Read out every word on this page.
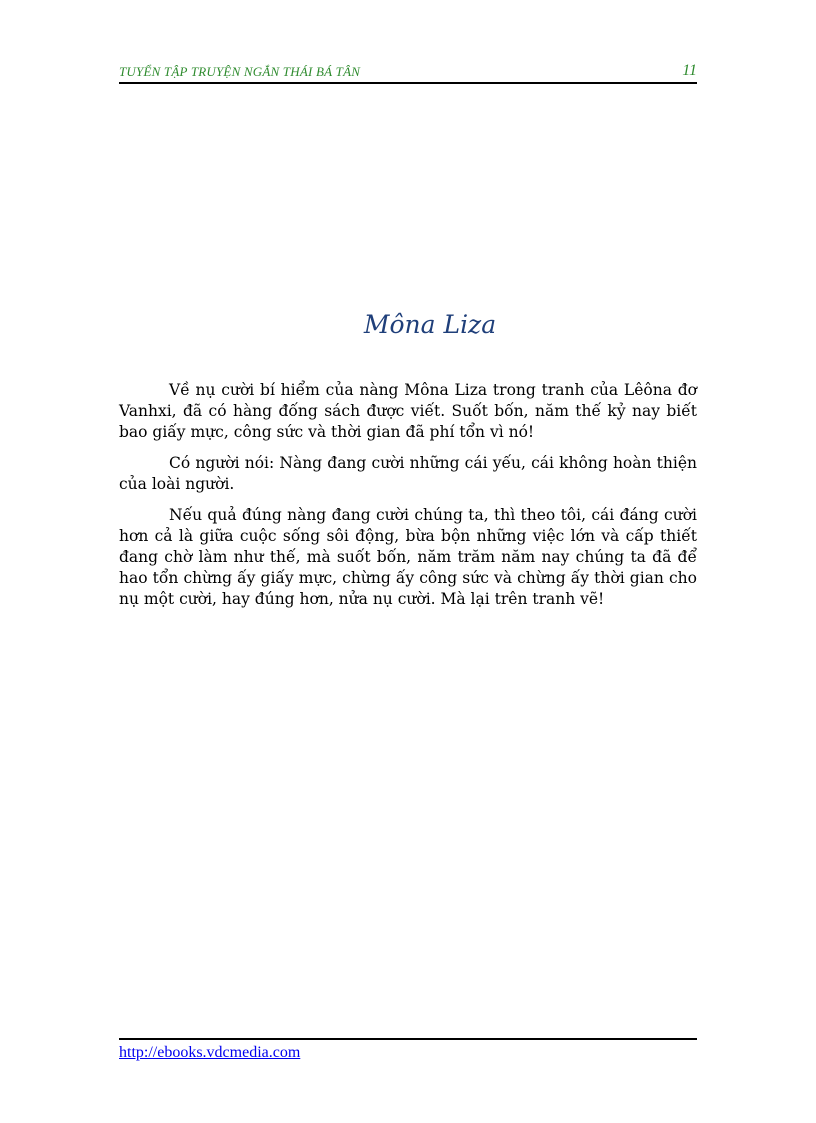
TUYỂN TẬP TRUYỆN NGẮN THÁI BÁ TÂN	11
Môna Liza

Về nụ cười bí hiểm của nàng Môna Liza trong tranh của Lêôna đơ Vanhxi, đã có hàng đống sách được viết. Suốt bốn, năm thế kỷ nay biết bao giấy mực, công sức và thời gian đã phí tổn vì nó!

Có người nói: Nàng đang cười những cái yếu, cái không hoàn thiện của loài người.

Nếu quả đúng nàng đang cười chúng ta, thì theo tôi, cái đáng cười hơn cả là giữa cuộc sống sôi động, bừa bộn những việc lớn và cấp thiết đang chờ làm như thế, mà suốt bốn, năm trăm năm nay chúng ta đã để hao tổn chừng ấy giấy mực, chừng ấy công sức và chừng ấy thời gian cho nụ một cười, hay đúng hơn, nửa nụ cười. Mà lại trên tranh vẽ!

http://ebooks.vdcmedia.com
